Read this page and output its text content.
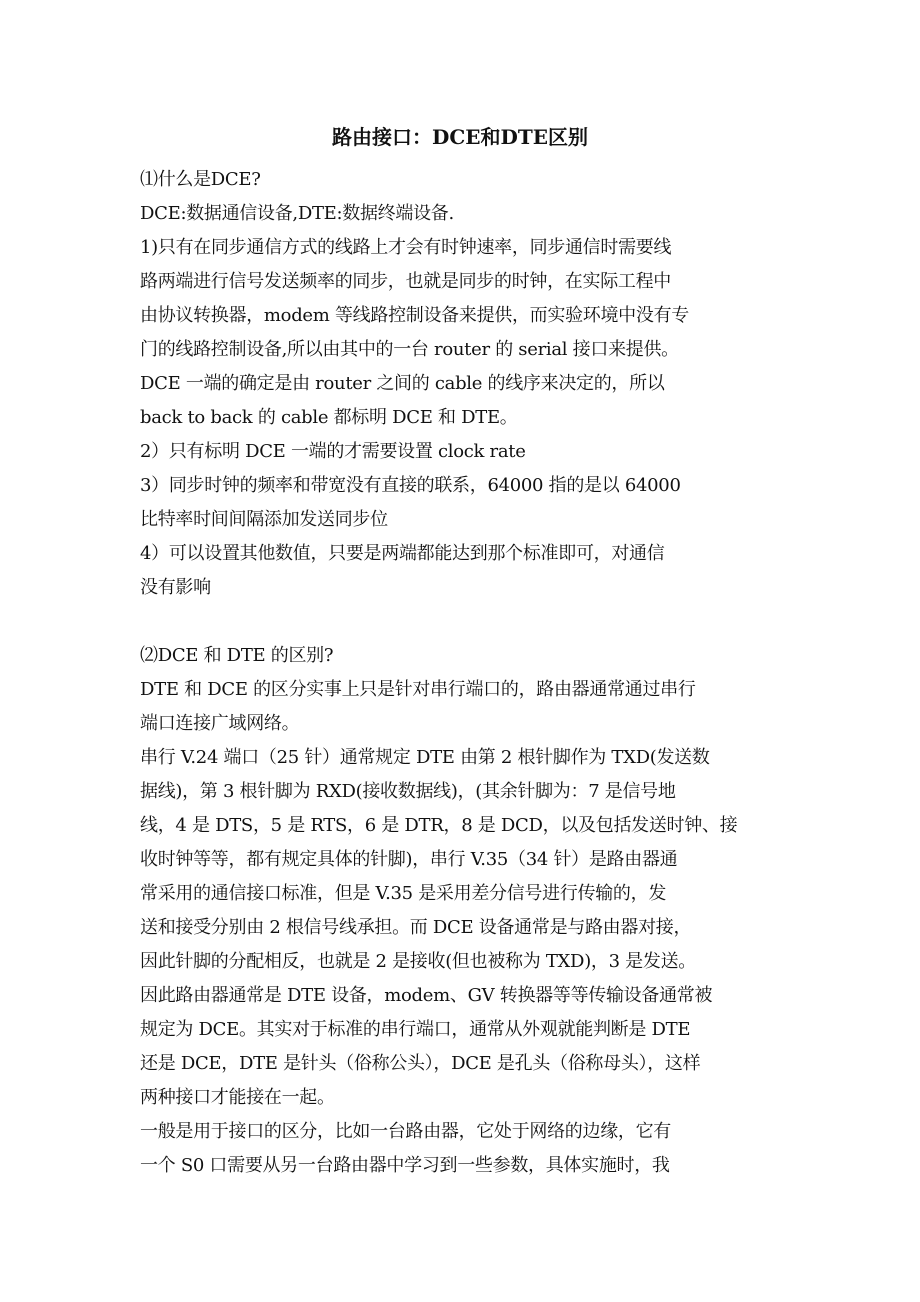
路由接口：DCE和DTE区别
⑴什么是DCE?
DCE:数据通信设备,DTE:数据终端设备.
1)只有在同步通信方式的线路上才会有时钟速率，同步通信时需要线
路两端进行信号发送频率的同步，也就是同步的时钟，在实际工程中
由协议转换器，modem 等线路控制设备来提供，而实验环境中没有专
门的线路控制设备,所以由其中的一台 router 的 serial 接口来提供。
DCE 一端的确定是由 router 之间的 cable 的线序来决定的，所以
back to back 的 cable 都标明 DCE 和 DTE。
2）只有标明 DCE 一端的才需要设置 clock rate
3）同步时钟的频率和带宽没有直接的联系，64000 指的是以 64000
比特率时间间隔添加发送同步位
4）可以设置其他数值，只要是两端都能达到那个标准即可，对通信
没有影响
⑵DCE 和 DTE 的区别?
DTE 和 DCE 的区分实事上只是针对串行端口的，路由器通常通过串行
端口连接广域网络。
串行 V.24 端口（25 针）通常规定 DTE 由第 2 根针脚作为 TXD(发送数
据线)，第 3 根针脚为 RXD(接收数据线)，(其余针脚为：7 是信号地
线，4 是 DTS，5 是 RTS，6 是 DTR，8 是 DCD，以及包括发送时钟、接
收时钟等等，都有规定具体的针脚)，串行 V.35（34 针）是路由器通
常采用的通信接口标准，但是 V.35 是采用差分信号进行传输的，发
送和接受分别由 2 根信号线承担。而 DCE 设备通常是与路由器对接，
因此针脚的分配相反，也就是 2 是接收(但也被称为 TXD)，3 是发送。
因此路由器通常是 DTE 设备，modem、GV 转换器等等传输设备通常被
规定为 DCE。其实对于标准的串行端口，通常从外观就能判断是 DTE
还是 DCE，DTE 是针头（俗称公头），DCE 是孔头（俗称母头），这样
两种接口才能接在一起。
一般是用于接口的区分，比如一台路由器，它处于网络的边缘，它有
一个 S0 口需要从另一台路由器中学习到一些参数，具体实施时，我
